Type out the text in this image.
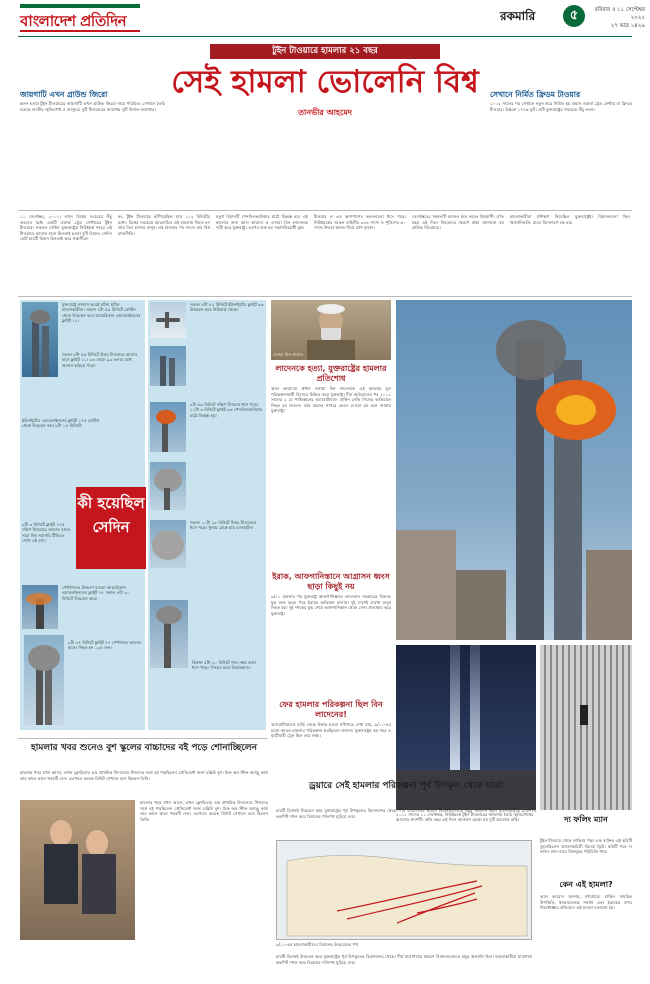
বাংলাদেশ প্রতিদিন	রকমারি	৫	রবিবার ॥ ১১ সেপ্টেম্বর ২০২২
২৭ ভাদ্র ১৪২৯
জায়গাটি এখন গ্রাউন্ড জিরো
ধ্বংস হওয়া টুইন টাওয়ারের জায়গাটি এখন গ্রাউন্ড জিরো নামে পরিচিত। সেখানে তৈরি হয়েছে জাতীয় স্মৃতিসৌধ ও জাদুঘর। দুটি টাওয়ারের জায়গায় দুটি বিশাল জলাধার।
টুইন টাওয়ারে হামলার ২১ বছর
সেই হামলা ভোলেনি বিশ্ব
তানভীর আহমেদ
সেখানে নির্মিত ফ্রিডম টাওয়ার
২০০২ সালের পর সেখানে নতুন করে নির্মিত হয় ওয়ান ওয়ার্ল্ড ট্রেড সেন্টার বা ফ্রিডম টাওয়ার। উচ্চতা ১৭৭৬ ফুট। এটি যুক্তরাষ্ট্রের সবচেয়ে উঁচু ভবন।
১১ সেপ্টেম্বর, ২০০১। তখন বিশ্বের সবচেয়ে উঁচু ভবনের মধ্যে একটি ওয়ার্ল্ড ট্রেড সেন্টারের টুইন টাওয়ার। সকালে মার্কিন যুক্তরাষ্ট্রের নিউইয়র্ক শহরে এই টাওয়ারে আঘাত হানে ছিনতাই হওয়া দুটি বিমান। সেদিন মোট চারটি বিমান ছিনতাই করে সন্ত্রাসীরা।
নং, টুইন টাওয়ারে কাঁপিয়েছিল মাত্র ১০২ মিনিটের মধ্যে। বিশ্বের সবচেয়ে আলোচিত এই হামলায় নিহত হন প্রায় তিন হাজার মানুষ। এই হামলার পর বদলে যায় বিশ্ব রাজনীতি।
চতুর্থ বিমানটি পেনসিলভানিয়ার মাঠে বিধ্বস্ত হয়। এই হামলার জন্য আল কায়েদা ও ওসামা বিন লাদেনকে দায়ী করে যুক্তরাষ্ট্র। এরপর শুরু হয় সন্ত্রাসবিরোধী যুদ্ধ।
টাওয়ার ও এর আশপাশের ভবনগুলো ধসে পড়ে। নিউইয়র্কের দমকল বাহিনীর ৩৪৩ সদস্য ও পুলিশের ৬০ সদস্য উদ্ধার কাজে গিয়ে প্রাণ হারান।
সেপ্টেম্বরের সকালটি আজও মনে করেন বিশ্ববাসী। প্রতি বছর এই দিনে নিহতদের স্মরণে শ্রদ্ধা জানানো হয় গ্রাউন্ড জিরোতে।
হামলাকারীরা প্রশিক্ষণ নিয়েছিল যুক্তরাষ্ট্রেই। বিমানগুলো ছিল জ্বালানিভর্তি, যাতে বিস্ফোরণ বড় হয়।
যুক্তরাষ্ট্রে বসবাস করেই ঘটনা ঘটান হামলাকারীরা। সকাল ৭টা ৫৯ মিনিটে বোস্টন থেকে উড্ডয়ন করে আমেরিকান এয়ারলাইনসের ফ্লাইট ১১।
সকাল ৮টা ৪৬ মিনিটে উত্তর টাওয়ারে আঘাত হানে ফ্লাইট ১১। ৯৩ থেকে ৯৯ তলার মধ্যে আগুন ছড়িয়ে পড়ে।
ইউনাইটেড এয়ারলাইনসের ফ্লাইট ১৭৫ বোস্টন থেকে উড্ডয়ন করে ৮টা ১৪ মিনিটে।
কী হয়েছিল সেদিন
৯টা ৩ মিনিটে ফ্লাইট ১৭৫ দক্ষিণ টাওয়ারে আঘাত হানে। সারা বিশ্ব সরাসরি টিভিতে দেখে এই দৃশ্য।
পেন্টাগনের উদ্দেশে যাওয়া আমেরিকান এয়ারলাইনসের ফ্লাইট ৭৭ সকাল ৮টা ২০ মিনিটে উড্ডয়ন করে।
৯টা ৩৭ মিনিটে ফ্লাইট ৭৭ পেন্টাগনে আঘাত হানে। নিহত হন ১২৫ জন।
সকাল ৮টা ৪২ মিনিটে ইউনাইটেড ফ্লাইট ৯৩ উড্ডয়ন করে নিউয়ার্ক থেকে।
৯টা ৫৯ মিনিটে দক্ষিণ টাওয়ার ধসে পড়ে। ১০টা ৩ মিনিটে ফ্লাইট ৯৩ পেনসিলভানিয়ার মাঠে বিধ্বস্ত হয়।
সকাল ১০টা ২৮ মিনিটে উত্তর টাওয়ারও ধসে পড়ে। ধুলায় ঢেকে যায় ম্যানহাটন।
বিকাল ৫টা ২০ মিনিটে সাত নম্বর ভবন ধসে পড়ে। দিনভর চলে উদ্ধারকাজ।
ওসামা বিন লাদেন
লাদেনকে হত্যা, যুক্তরাষ্ট্রের হামলার প্রতিশোধ
আল কায়েদার প্রধান ওসামা বিন লাদেনকে এই হামলার মূল পরিকল্পনাকারী হিসেবে চিহ্নিত করে যুক্তরাষ্ট্র। দীর্ঘ অভিযানের পর ২০১১ সালের ২ মে পাকিস্তানের অ্যাবোটাবাদে মার্কিন নেভি সিলের অভিযানে নিহত হন লাদেন। তার মরদেহ সাগরে ফেলে দেওয়া হয় বলে জানায় যুক্তরাষ্ট্র।
ইরাক, আফগানিস্তানে আগ্রাসন ধ্বংস ছাড়া কিছুই নয়
৯/১১ হামলার পর যুক্তরাষ্ট্র আফগানিস্তানে তালেবান সরকারের বিরুদ্ধে যুদ্ধ শুরু করে। পরে ইরাকে অভিযান চালায়। দুই দেশেই লাখো মানুষ নিহত হয়। দুই দশকের যুদ্ধ শেষে আফগানিস্তান থেকে সেনা প্রত্যাহার করে যুক্তরাষ্ট্র।
ফের হামলার পরিকল্পনা ছিল বিন লাদেনের!
অ্যাবোটাবাদের বাড়ি থেকে উদ্ধার হওয়া নথিপত্রে দেখা যায়, ৯/১১-এর মতো আরও হামলার পরিকল্পনা করছিলেন লাদেন। যুক্তরাষ্ট্রের বড় শহর ও যাত্রীবাহী ট্রেন ছিল তার লক্ষ্য।
২০১১ সালের ১১ সেপ্টেম্বর, নিউইয়র্কে টুইন টাওয়ারের জায়গায় তৈরি স্মৃতিসৌধের আলোর প্রদর্শনী। প্রতি বছর এই দিনে আকাশে ছোড়া হয় দুটি আলোর রশ্মি।	দ্য ফলিং ম্যান
টুইন টাওয়ার থেকে লাফিয়ে পড়া এক ব্যক্তির এই ছবিটি তুলেছিলেন আলোকচিত্রী রিচার্ড ড্রিউ। ছবিটি পরে দ্য ফলিং ম্যান নামে বিশ্বজুড়ে পরিচিতি পায়।
কেন এই হামলা?
আল কায়েদা জানায়, মধ্যপ্রাচ্যে মার্কিন সামরিক উপস্থিতি, ইসরায়েলকে সমর্থন এবং ইরাকের ওপর নিষেধাজ্ঞার প্রতিবাদে এই হামলা চালানো হয়।
হামলার খবর শুনেও বুশ স্কুলের বাচ্চাদের বই পড়ে শোনাচ্ছিলেন
হামলার খবর যখন আসে, তখন ফ্লোরিডার এক প্রাথমিক বিদ্যালয়ে শিশুদের সঙ্গে বই পড়ছিলেন প্রেসিডেন্ট জর্জ ডব্লিউ বুশ। চিফ অব স্টাফ অ্যান্ড্রু কার্ড তার কানে কানে খবরটি দেন। এরপরও কয়েক মিনিট সেখানে বসে ছিলেন তিনি।
হামলার খবর যখন আসে, তখন ফ্লোরিডার এক প্রাথমিক বিদ্যালয়ে শিশুদের সঙ্গে বই পড়ছিলেন প্রেসিডেন্ট জর্জ ডব্লিউ বুশ। চিফ অব স্টাফ অ্যান্ড্রু কার্ড তার কানে কানে খবরটি দেন। এরপরও কয়েক মিনিট সেখানে বসে ছিলেন তিনি।
ড্রয়ারে সেই হামলার পরিকল্পনা পূর্ব উপকূল থেকে যাত্রা
চারটি বিমানই উড্ডয়ন করে যুক্তরাষ্ট্রের পূর্ব উপকূলের বিমানবন্দর থেকে। দীর্ঘ যাত্রাপথের কারণে বিমানগুলোতে প্রচুর জ্বালানি ছিল। হামলাকারীরা মাঝপথে ককপিট দখল করে বিমানের গতিপথ ঘুরিয়ে দেয়।
৯/১১-এর হামলাকারীদের বিমানের উড্ডয়নের পথ
চারটি বিমানই উড্ডয়ন করে যুক্তরাষ্ট্রের পূর্ব উপকূলের বিমানবন্দর থেকে। দীর্ঘ যাত্রাপথের কারণে বিমানগুলোতে প্রচুর জ্বালানি ছিল। হামলাকারীরা মাঝপথে ককপিট দখল করে বিমানের গতিপথ ঘুরিয়ে দেয়।
